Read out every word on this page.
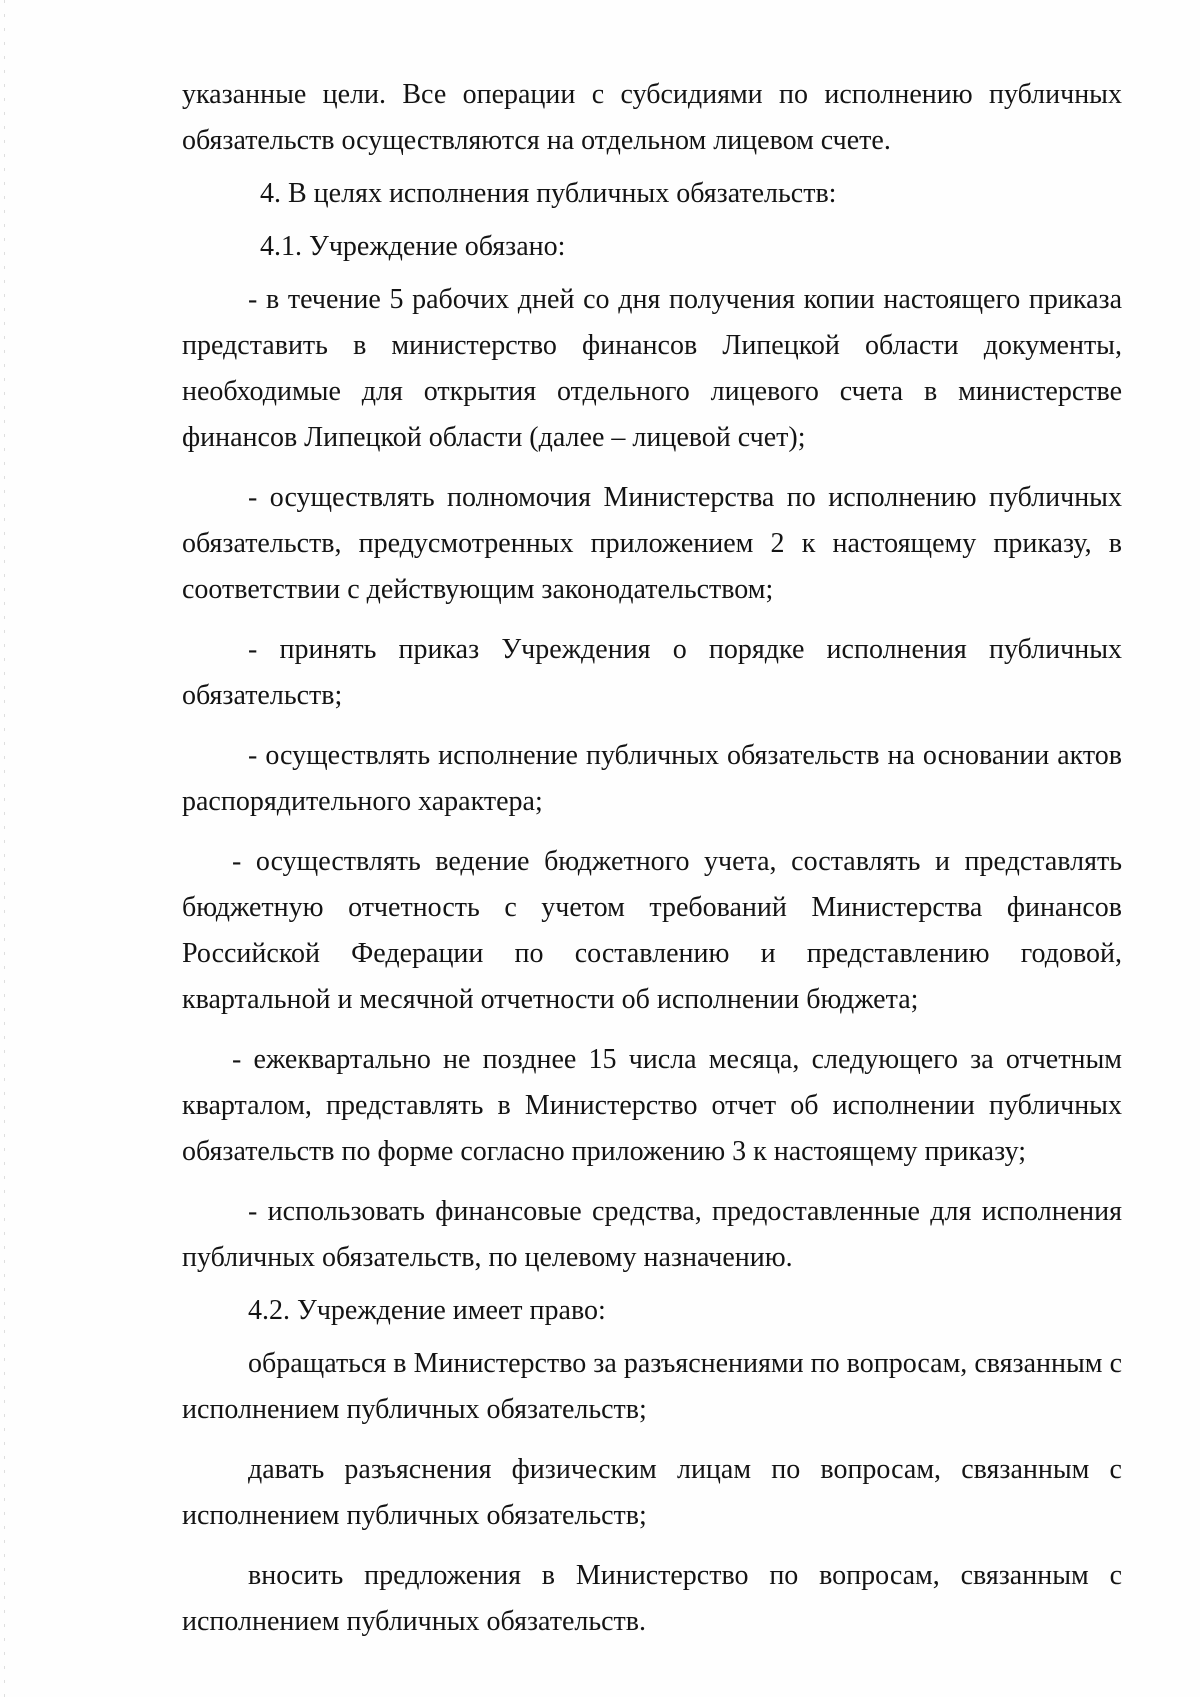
указанные цели. Все операции с субсидиями по исполнению публичных обязательств осуществляются на отдельном лицевом счете.

4. В целях исполнения публичных обязательств:

4.1. Учреждение обязано:

- в течение 5 рабочих дней со дня получения копии настоящего приказа представить в министерство финансов Липецкой области документы, необходимые для открытия отдельного лицевого счета в министерстве финансов Липецкой области (далее – лицевой счет);

- осуществлять полномочия Министерства по исполнению публичных обязательств, предусмотренных приложением 2 к настоящему приказу, в соответствии с действующим законодательством;

- принять приказ Учреждения о порядке исполнения публичных обязательств;

- осуществлять исполнение публичных обязательств на основании актов распорядительного характера;

- осуществлять ведение бюджетного учета, составлять и представлять бюджетную отчетность с учетом требований Министерства финансов Российской Федерации по составлению и представлению годовой, квартальной и месячной отчетности об исполнении бюджета;

- ежеквартально не позднее 15 числа месяца, следующего за отчетным кварталом, представлять в Министерство отчет об исполнении публичных обязательств по форме согласно приложению 3 к настоящему приказу;

- использовать финансовые средства, предоставленные для исполнения публичных обязательств, по целевому назначению.

4.2. Учреждение имеет право:

обращаться в Министерство за разъяснениями по вопросам, связанным с исполнением публичных обязательств;

давать разъяснения физическим лицам по вопросам, связанным с исполнением публичных обязательств;

вносить предложения в Министерство по вопросам, связанным с исполнением публичных обязательств.
